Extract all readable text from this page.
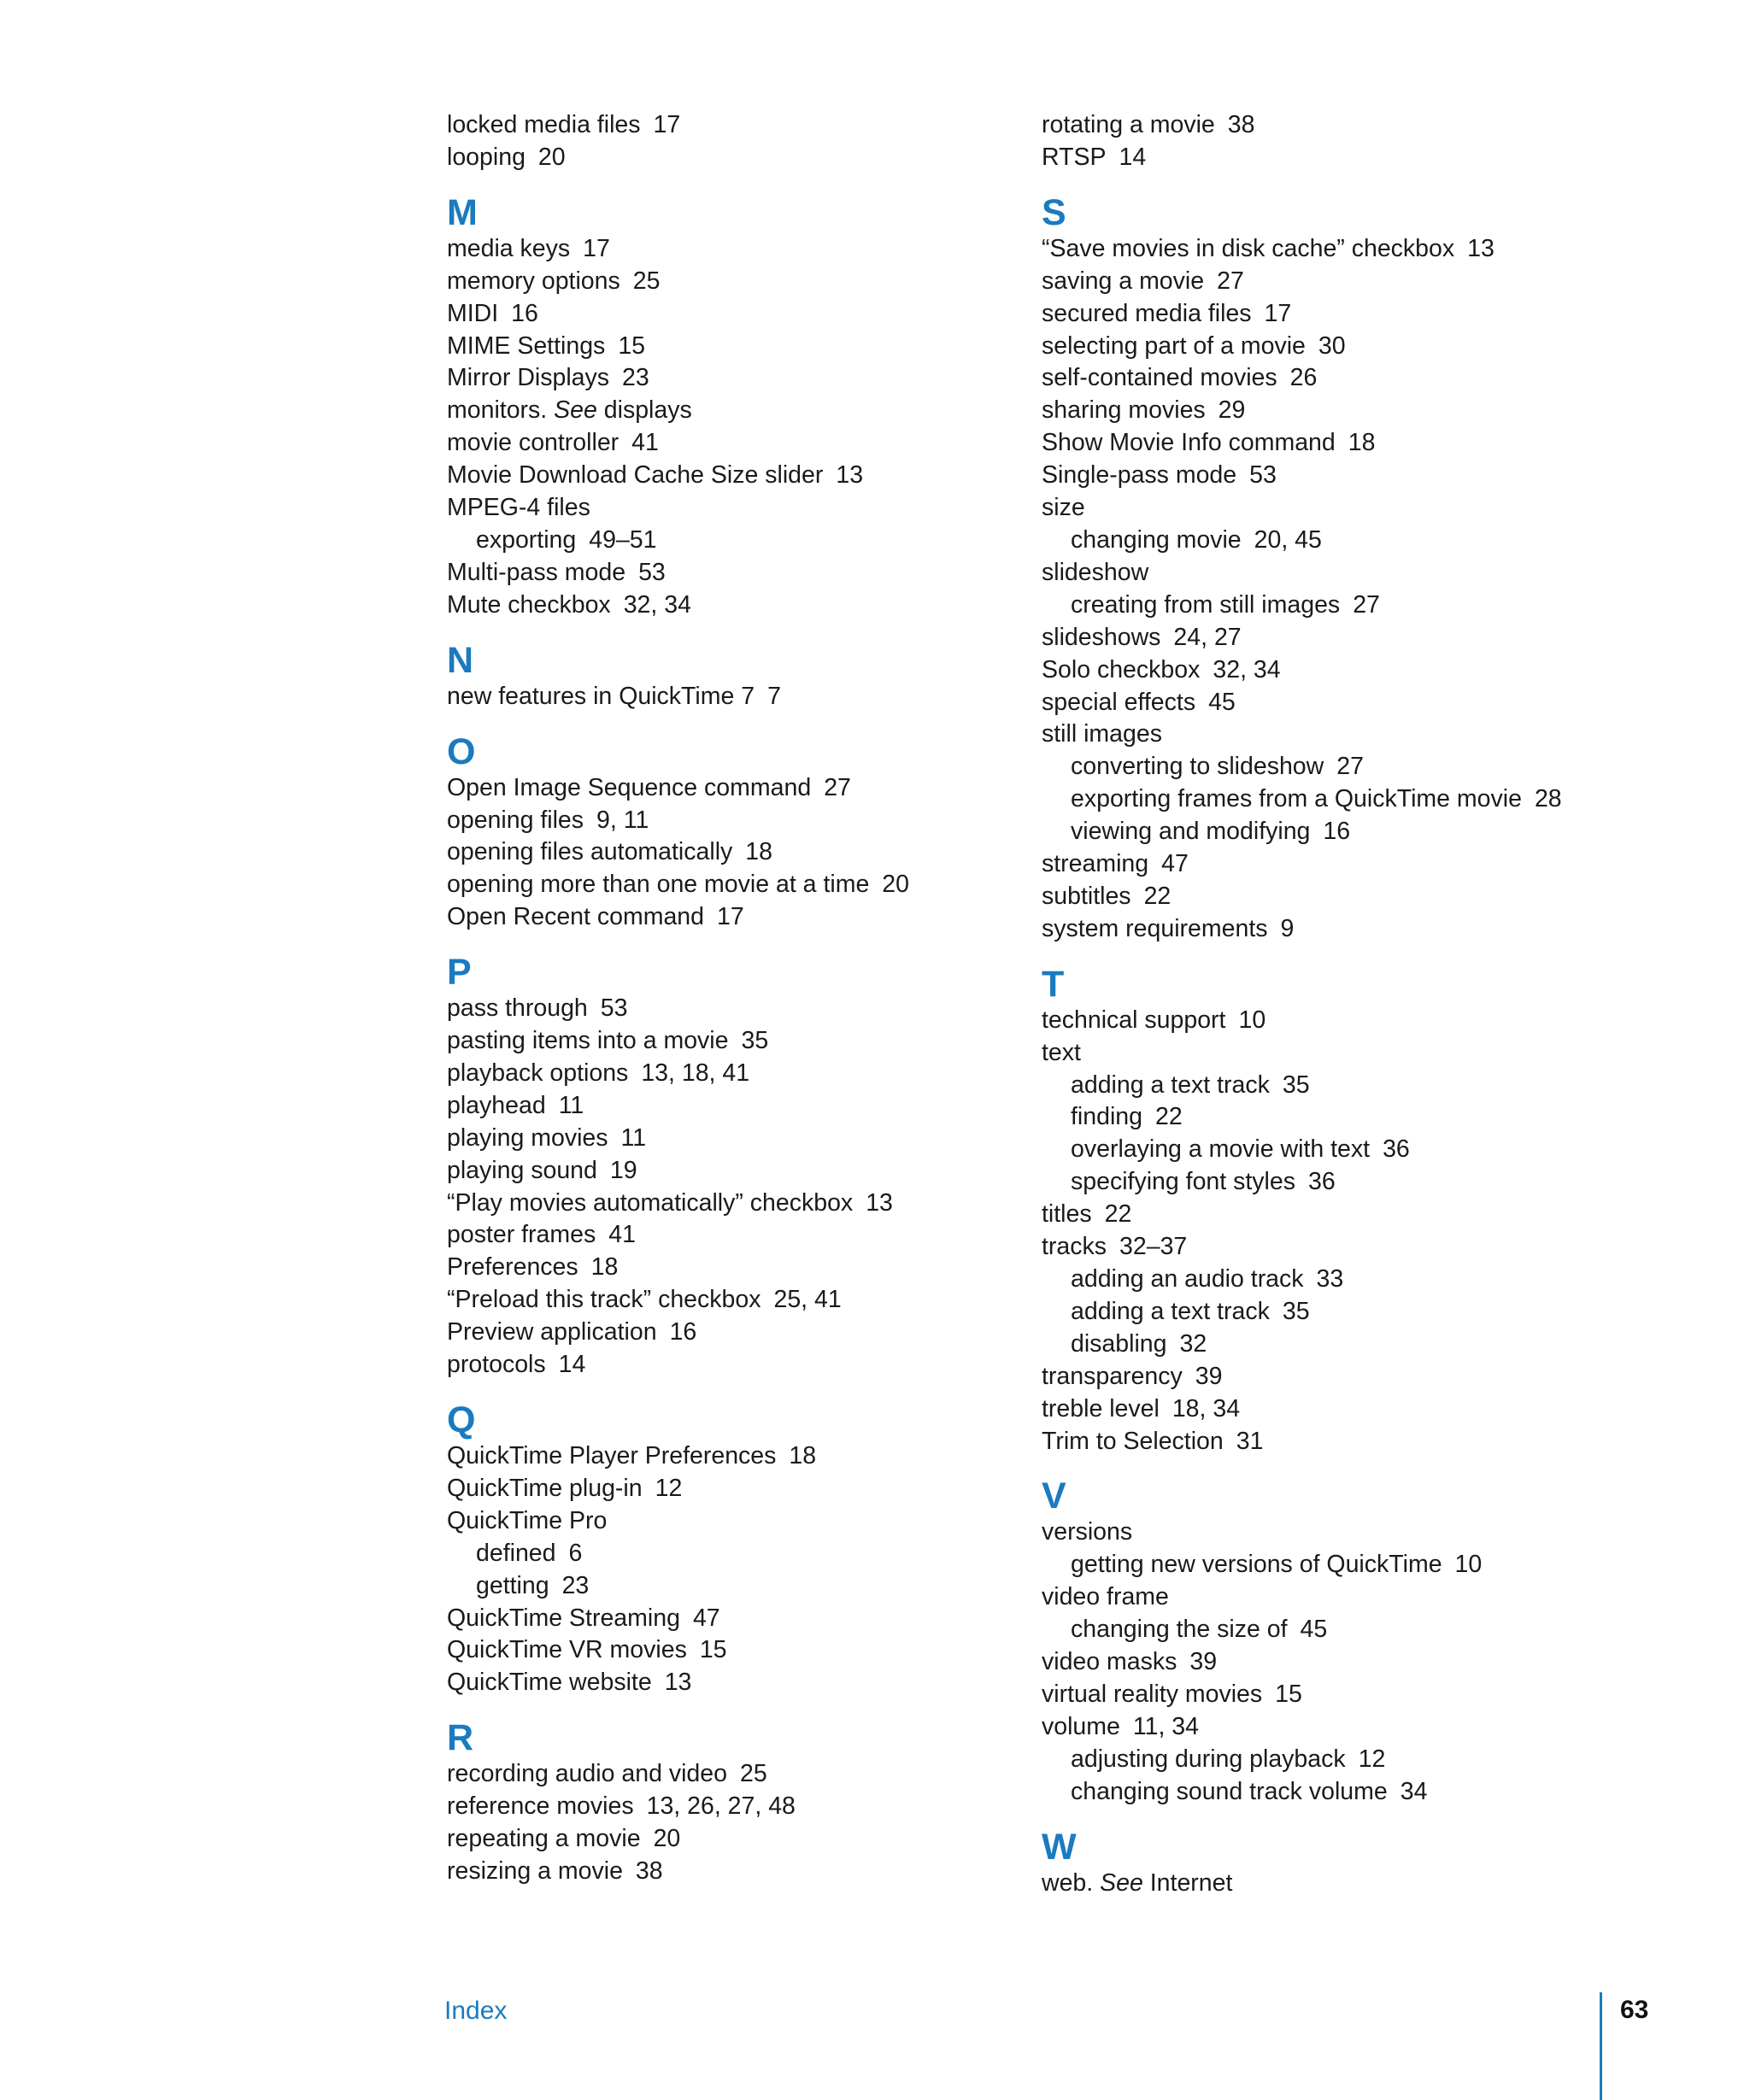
locked media files 17
looping 20
M
media keys 17
memory options 25
MIDI 16
MIME Settings 15
Mirror Displays 23
monitors. See displays
movie controller 41
Movie Download Cache Size slider 13
MPEG-4 files
exporting 49–51
Multi-pass mode 53
Mute checkbox 32, 34
N
new features in QuickTime 7 7
O
Open Image Sequence command 27
opening files 9, 11
opening files automatically 18
opening more than one movie at a time 20
Open Recent command 17
P
pass through 53
pasting items into a movie 35
playback options 13, 18, 41
playhead 11
playing movies 11
playing sound 19
“Play movies automatically” checkbox 13
poster frames 41
Preferences 18
“Preload this track” checkbox 25, 41
Preview application 16
protocols 14
Q
QuickTime Player Preferences 18
QuickTime plug-in 12
QuickTime Pro
defined 6
getting 23
QuickTime Streaming 47
QuickTime VR movies 15
QuickTime website 13
R
recording audio and video 25
reference movies 13, 26, 27, 48
repeating a movie 20
resizing a movie 38
rotating a movie 38
RTSP 14
S
“Save movies in disk cache” checkbox 13
saving a movie 27
secured media files 17
selecting part of a movie 30
self-contained movies 26
sharing movies 29
Show Movie Info command 18
Single-pass mode 53
size
changing movie 20, 45
slideshow
creating from still images 27
slideshows 24, 27
Solo checkbox 32, 34
special effects 45
still images
converting to slideshow 27
exporting frames from a QuickTime movie 28
viewing and modifying 16
streaming 47
subtitles 22
system requirements 9
T
technical support 10
text
adding a text track 35
finding 22
overlaying a movie with text 36
specifying font styles 36
titles 22
tracks 32–37
adding an audio track 33
adding a text track 35
disabling 32
transparency 39
treble level 18, 34
Trim to Selection 31
V
versions
getting new versions of QuickTime 10
video frame
changing the size of 45
video masks 39
virtual reality movies 15
volume 11, 34
adjusting during playback 12
changing sound track volume 34
W
web. See Internet
Index	63
